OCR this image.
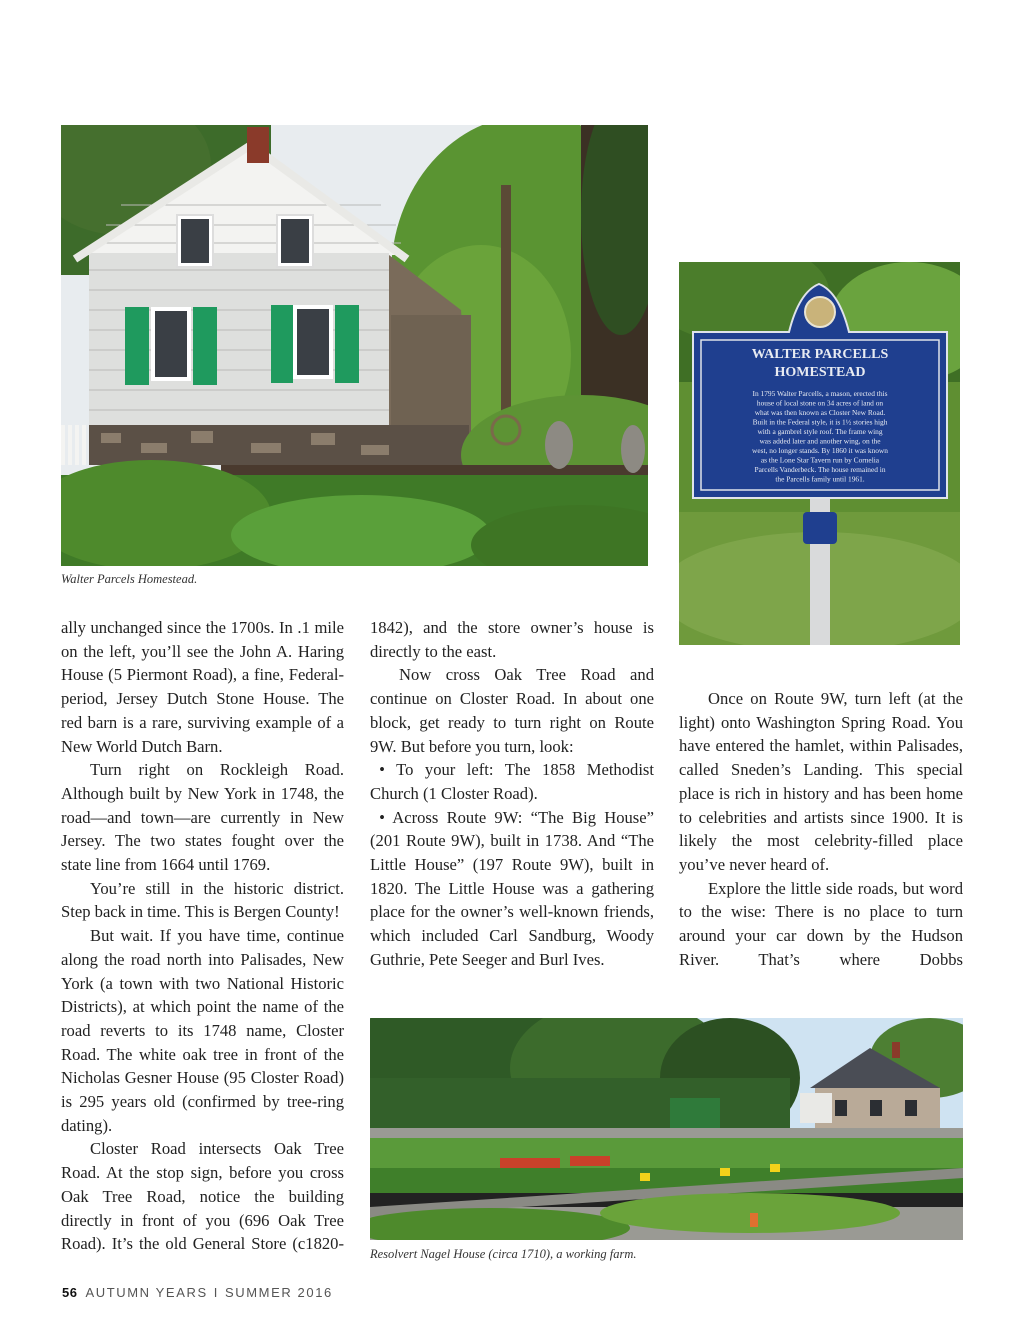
Walter Parcels Homestead.
WALTER PARCELLS
HOMESTEAD
In 1795 Walter Parcells, a mason, erected this
house of local stone on 34 acres of land on
what was then known as Closter New Road.
Built in the Federal style, it is 1½ stories high
with a gambrel style roof. The frame wing
was added later and another wing, on the
west, no longer stands. By 1860 it was known
as the Lone Star Tavern run by Cornelia
Parcells Vanderbeck. The house remained in
the Parcells family until 1961.

ally unchanged since the 1700s. In .1 mile on the left, you’ll see the John A. Haring House (5 Piermont Road), a fine, Federal-period, Jersey Dutch Stone House. The red barn is a rare, surviving example of a New World Dutch Barn.

Turn right on Rockleigh Road. Although built by New York in 1748, the road—and town—are currently in New Jersey. The two states fought over the state line from 1664 until 1769.

You’re still in the historic district. Step back in time. This is Bergen County!

But wait. If you have time, continue along the road north into Palisades, New York (a town with two National Historic Districts), at which point the name of the road reverts to its 1748 name, Closter Road. The white oak tree in front of the Nicholas Gesner House (95 Closter Road) is 295 years old (confirmed by tree-ring dating).

Closter Road intersects Oak Tree Road. At the stop sign, before you cross Oak Tree Road, notice the building directly in front of you (696 Oak Tree Road). It’s the old General Store (c1820-

1842), and the store owner’s house is directly to the east.

Now cross Oak Tree Road and continue on Closter Road. In about one block, get ready to turn right on Route 9W. But before you turn, look:

• To your left: The 1858 Methodist Church (1 Closter Road).

• Across Route 9W: “The Big House” (201 Route 9W), built in 1738. And “The Little House” (197 Route 9W), built in 1820. The Little House was a gathering place for the owner’s well-known friends, which included Carl Sandburg, Woody Guthrie, Pete Seeger and Burl Ives.

Once on Route 9W, turn left (at the light) onto Washington Spring Road. You have entered the hamlet, within Palisades, called Sneden’s Landing. This special place is rich in history and has been home to celebrities and artists since 1900. It is likely the most celebrity-filled place you’ve never heard of.

Explore the little side roads, but word to the wise: There is no place to turn around your car down by the Hudson River. That’s where Dobbs

Resolvert Nagel House (circa 1710), a working farm.
56 AUTUMN YEARS I SUMMER 2016
